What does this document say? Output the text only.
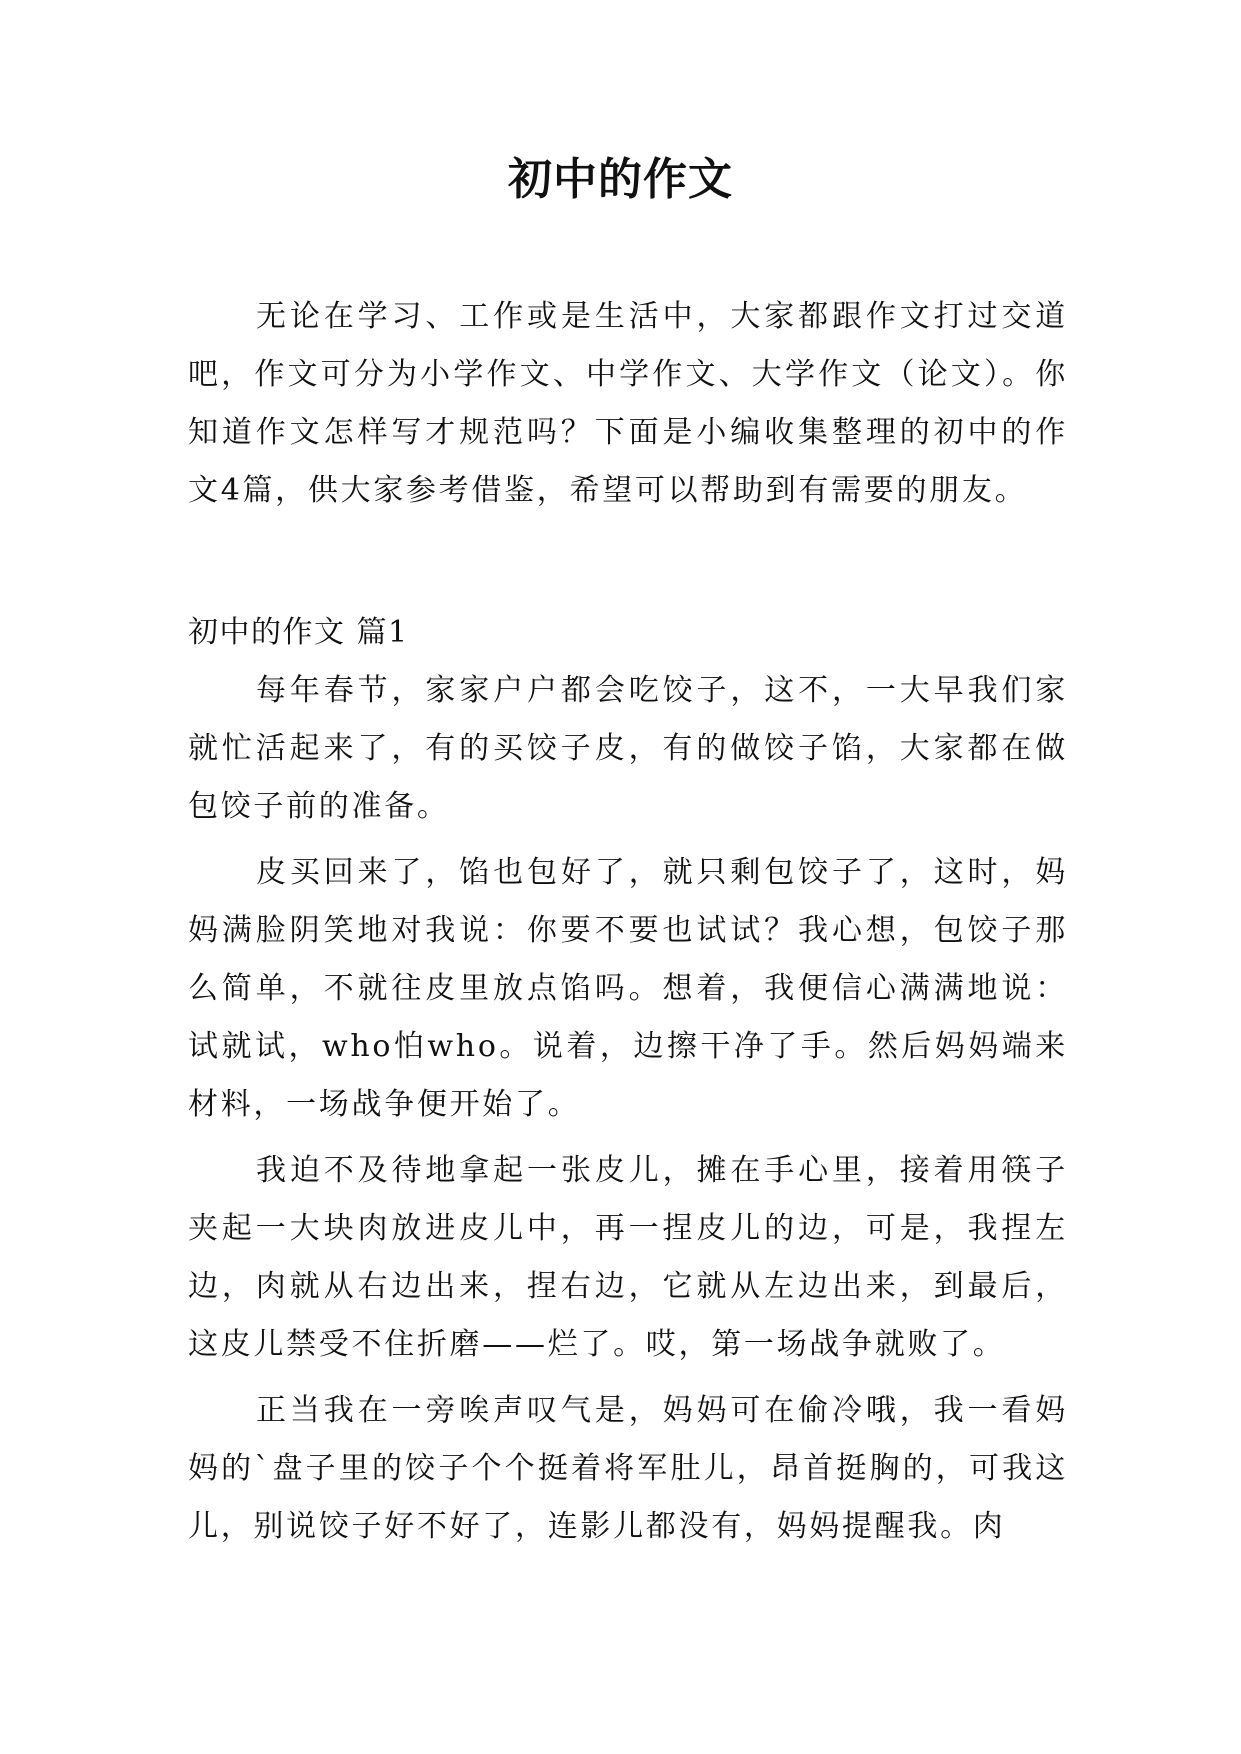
初中的作文

无论在学习、工作或是生活中，大家都跟作文打过交道吧，作文可分为小学作文、中学作文、大学作文（论文）。你知道作文怎样写才规范吗？下面是小编收集整理的初中的作文4篇，供大家参考借鉴，希望可以帮助到有需要的朋友。

初中的作文 篇1

每年春节，家家户户都会吃饺子，这不，一大早我们家就忙活起来了，有的买饺子皮，有的做饺子馅，大家都在做包饺子前的准备。

皮买回来了，馅也包好了，就只剩包饺子了，这时，妈妈满脸阴笑地对我说：你要不要也试试？我心想，包饺子那么简单，不就往皮里放点馅吗。想着，我便信心满满地说：试就试，who怕who。说着，边擦干净了手。然后妈妈端来材料，一场战争便开始了。

我迫不及待地拿起一张皮儿，摊在手心里，接着用筷子夹起一大块肉放进皮儿中，再一捏皮儿的边，可是，我捏左边，肉就从右边出来，捏右边，它就从左边出来，到最后，这皮儿禁受不住折磨——烂了。哎，第一场战争就败了。

正当我在一旁唉声叹气是，妈妈可在偷冷哦，我一看妈妈的`盘子里的饺子个个挺着将军肚儿，昂首挺胸的，可我这儿，别说饺子好不好了，连影儿都没有，妈妈提醒我。肉
